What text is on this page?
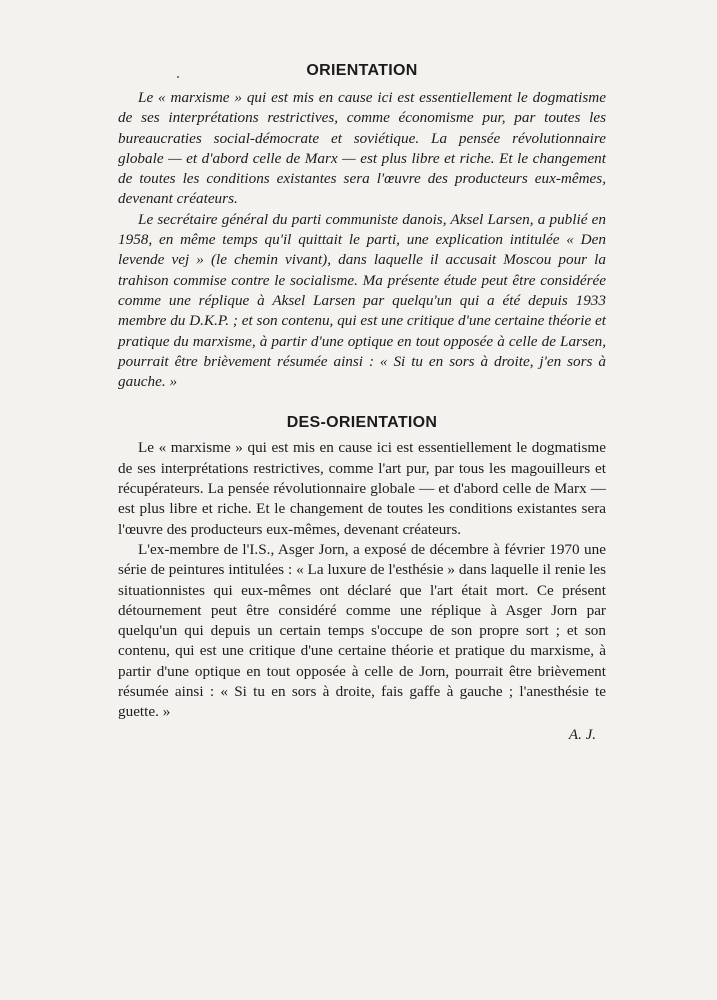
ORIENTATION

Le « marxisme » qui est mis en cause ici est essentiellement le dogmatisme de ses interprétations restrictives, comme économisme pur, par toutes les bureaucraties social-démocrate et soviétique. La pensée révolutionnaire globale — et d'abord celle de Marx — est plus libre et riche. Et le changement de toutes les conditions existantes sera l'œuvre des producteurs eux-mêmes, devenant créateurs.

Le secrétaire général du parti communiste danois, Aksel Larsen, a publié en 1958, en même temps qu'il quittait le parti, une explication intitulée « Den levende vej » (le chemin vivant), dans laquelle il accusait Moscou pour la trahison commise contre le socialisme. Ma présente étude peut être considérée comme une réplique à Aksel Larsen par quelqu'un qui a été depuis 1933 membre du D.K.P. ; et son contenu, qui est une critique d'une certaine théorie et pratique du marxisme, à partir d'une optique en tout opposée à celle de Larsen, pourrait être brièvement résumée ainsi : « Si tu en sors à droite, j'en sors à gauche. »

DES-ORIENTATION

Le « marxisme » qui est mis en cause ici est essentiellement le dogmatisme de ses interprétations restrictives, comme l'art pur, par tous les magouilleurs et récupérateurs. La pensée révolutionnaire globale — et d'abord celle de Marx — est plus libre et riche. Et le changement de toutes les conditions existantes sera l'œuvre des producteurs eux-mêmes, devenant créateurs.

L'ex-membre de l'I.S., Asger Jorn, a exposé de décembre à février 1970 une série de peintures intitulées : « La luxure de l'esthésie » dans laquelle il renie les situationnistes qui eux-mêmes ont déclaré que l'art était mort. Ce présent détournement peut être considéré comme une réplique à Asger Jorn par quelqu'un qui depuis un certain temps s'occupe de son propre sort ; et son contenu, qui est une critique d'une certaine théorie et pratique du marxisme, à partir d'une optique en tout opposée à celle de Jorn, pourrait être brièvement résumée ainsi : « Si tu en sors à droite, fais gaffe à gauche ; l'anesthésie te guette. »

A. J.
